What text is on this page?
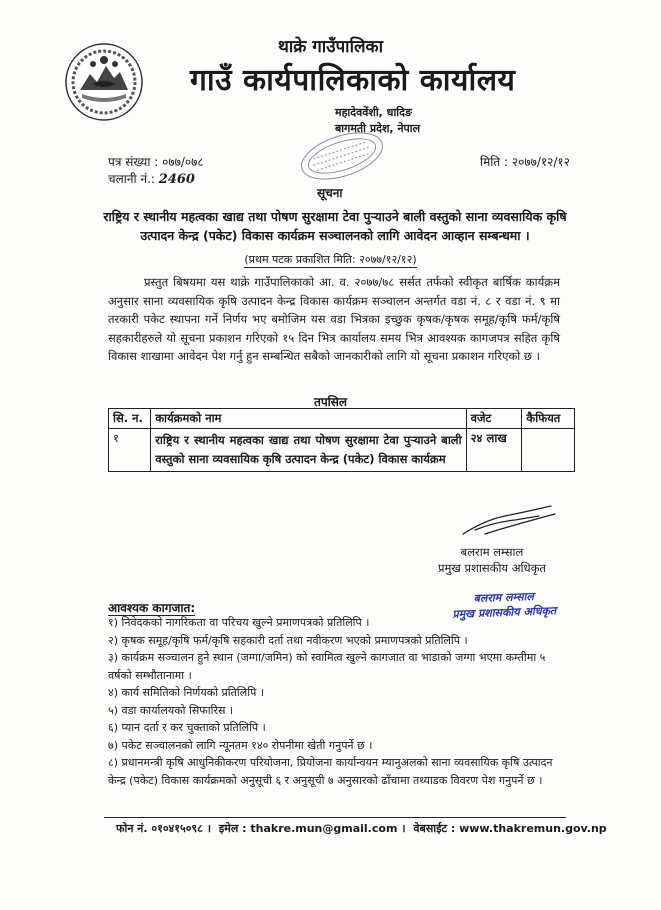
थाक्रे गाउँपालिका
गाउँ कार्यपालिकाको कार्यालय
महादेववेंशी, धादिङ
बागमती प्रदेश, नेपाल
पत्र संख्या : ०७७/०७८
चलानी नं.: 2460
मिति : २०७७/१२/१२
सूचना
राष्ट्रिय र स्थानीय महत्वका खाद्य तथा पोषण सुरक्षामा टेवा पुर्‍याउने बाली वस्तुको साना व्यवसायिक कृषि उत्पादन केन्द्र (पकेट) विकास कार्यक्रम सञ्चालनको लागि आवेदन आव्हान सम्बन्धमा ।
(प्रथम पटक प्रकाशित मिति: २०७७/१२/१२)

प्रस्तुत बिषयमा यस थाक्रे गाउँपालिकाको आ. व. २०७७/७८ सर्सत तर्फको स्वीकृत बार्षिक कार्यक्रम अनुसार साना व्यवसायिक कृषि उत्पादन केन्द्र विकास कार्यक्रम सञ्चालन अन्तर्गत वडा नं. ८ र वडा नं. ९ मा तरकारी पकेट स्थापना गर्ने निर्णय भए बमोजिम यस वडा भित्रका इच्छुक कृषक/कृषक समूह/कृषि फर्म/कृषि सहकारीहरुले यो सूचना प्रकाशन गरिएको १५ दिन भित्र कार्यालय समय भित्र आवश्यक कागजपत्र सहित कृषि विकास शाखामा आवेदन पेश गर्नु हुन सम्बन्धित सबैको जानकारीको लागि यो सूचना प्रकाशन गरिएको छ ।

तपसिल
सि. न.	कार्यक्रमको नाम	वजेट	कैफियत
१	राष्ट्रिय र स्थानीय महत्वका खाद्य तथा पोषण सुरक्षामा टेवा पुर्‍याउने बाली वस्तुको साना व्यवसायिक कृषि उत्पादन केन्द्र (पकेट) विकास कार्यक्रम	२४ लाख	
बलराम लम्साल
प्रमुख प्रशासकीय अधिकृत
बलराम लम्साल
प्रमुख प्रशासकीय अधिकृत
आवश्यक कागजात:
१) निवेदकको नागरिकता वा परिचय खुल्ने प्रमाणपत्रको प्रतिलिपि ।
२) कृषक समूह/कृषि फर्म/कृषि सहकारी दर्ता तथा नवीकरण भएको प्रमाणपत्रको प्रतिलिपि ।
३) कार्यक्रम सञ्चालन हुने स्थान (जग्गा/जमिन) को स्वामित्व खुल्ने कागजात वा भाडाको जग्गा भएमा कम्तीमा ५ वर्षको सम्भौतानामा ।
४) कार्य समितिको निर्णयको प्रतिलिपि ।
५) वडा कार्यालयको सिफारिस ।
६) प्यान दर्ता र कर चुक्ताको प्रतिलिपि ।
७) पकेट सञ्चालनको लागि न्यूनतम १४० रोपनीमा खेती गनुपर्ने छ ।
८) प्रधानमन्त्री कृषि आधुनिकीकरण परियोजना, प्रियोजना कार्यान्वयन म्यानुअलको साना व्यवसायिक कृषि उत्पादन केन्द्र (पकेट) विकास कार्यक्रमको अनुसूची ६ र अनुसूची ७ अनुसारको ढाँचामा तथ्याडक विवरण पेश गनुपर्ने छ ।
फोन नं. ०१०४१५०९८ । इमेल : thakre.mun@gmail.com । वेबसाईट : www.thakremun.gov.np
